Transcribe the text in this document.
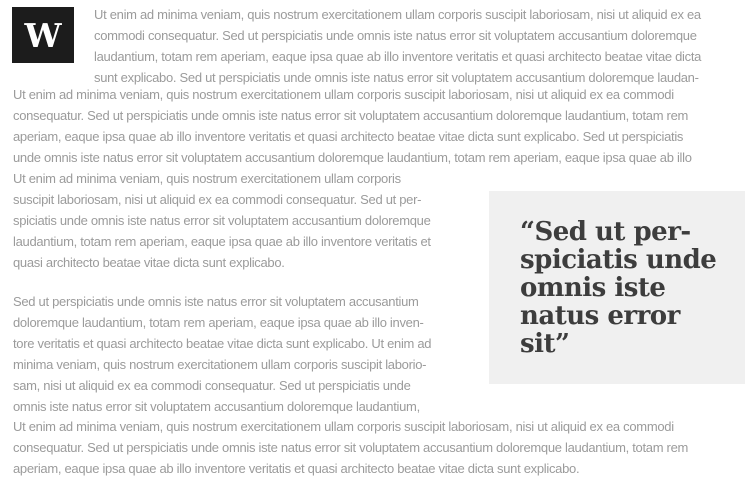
W
“Sed ut per-
spiciatis unde
omnis iste
natus error
sit”
Ut enim ad minima veniam, quis nostrum exercitationem ullam corporis suscipit laboriosam, nisi ut aliquid ex ea
commodi consequatur. Sed ut perspiciatis unde omnis iste natus error sit voluptatem accusantium doloremque
laudantium, totam rem aperiam, eaque ipsa quae ab illo inventore veritatis et quasi architecto beatae vitae dicta
sunt explicabo. Sed ut perspiciatis unde omnis iste natus error sit voluptatem accusantium doloremque laudan-
Ut enim ad minima veniam, quis nostrum exercitationem ullam corporis suscipit laboriosam, nisi ut aliquid ex ea commodi
consequatur. Sed ut perspiciatis unde omnis iste natus error sit voluptatem accusantium doloremque laudantium, totam rem
aperiam, eaque ipsa quae ab illo inventore veritatis et quasi architecto beatae vitae dicta sunt explicabo. Sed ut perspiciatis
unde omnis iste natus error sit voluptatem accusantium doloremque laudantium, totam rem aperiam, eaque ipsa quae ab illo
Ut enim ad minima veniam, quis nostrum exercitationem ullam corporis
suscipit laboriosam, nisi ut aliquid ex ea commodi consequatur. Sed ut per-
spiciatis unde omnis iste natus error sit voluptatem accusantium doloremque
laudantium, totam rem aperiam, eaque ipsa quae ab illo inventore veritatis et
quasi architecto beatae vitae dicta sunt explicabo.
Sed ut perspiciatis unde omnis iste natus error sit voluptatem accusantium
doloremque laudantium, totam rem aperiam, eaque ipsa quae ab illo inven-
tore veritatis et quasi architecto beatae vitae dicta sunt explicabo. Ut enim ad
minima veniam, quis nostrum exercitationem ullam corporis suscipit laborio-
sam, nisi ut aliquid ex ea commodi consequatur. Sed ut perspiciatis unde
omnis iste natus error sit voluptatem accusantium doloremque laudantium,
Ut enim ad minima veniam, quis nostrum exercitationem ullam corporis suscipit laboriosam, nisi ut aliquid ex ea commodi
consequatur. Sed ut perspiciatis unde omnis iste natus error sit voluptatem accusantium doloremque laudantium, totam rem
aperiam, eaque ipsa quae ab illo inventore veritatis et quasi architecto beatae vitae dicta sunt explicabo.
